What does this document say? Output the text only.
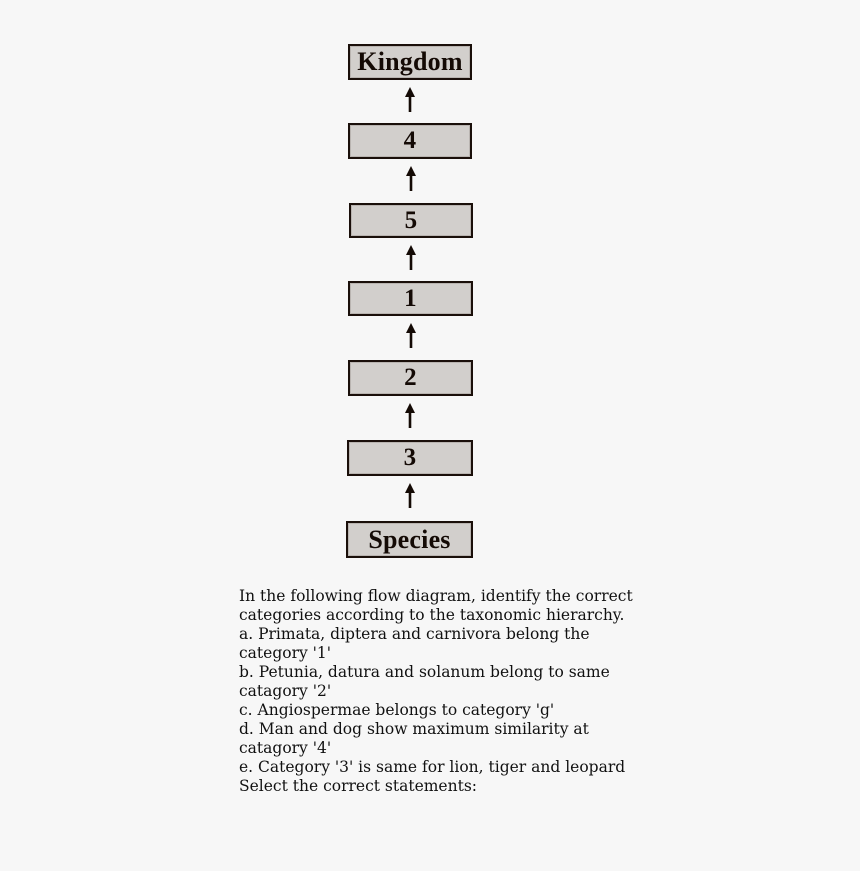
Kingdom
4
5
1
2
3
Species

In the following flow diagram, identify the correct categories according to the taxonomic hierarchy.

a. Primata, diptera and carnivora belong the category '1'

b. Petunia, datura and solanum belong to same catagory '2'

c. Angiospermae belongs to category 'g'

d. Man and dog show maximum similarity at catagory '4'

e. Category '3' is same for lion, tiger and leopard

Select the correct statements:
